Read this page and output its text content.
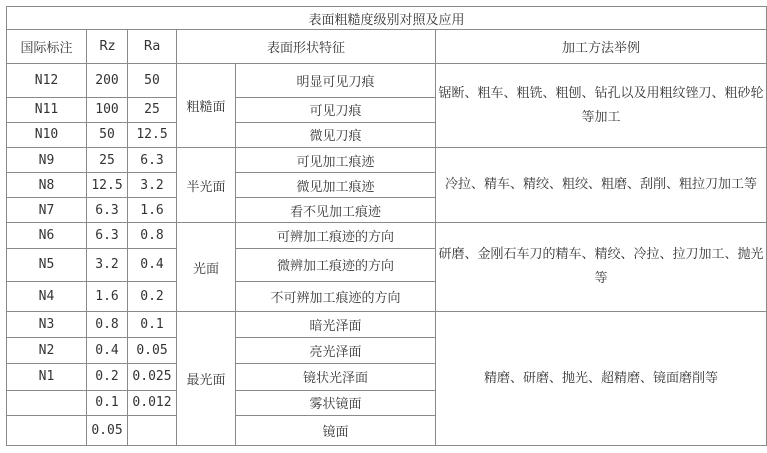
表面粗糙度级别对照及应用					
国际标注	Rz	Ra	表面形状特征		加工方法举例
N12	200	50	粗糙面	明显可见刀痕	锯断、粗车、粗铣、粗刨、钻孔以及用粗纹锉刀、粗砂轮等加工
N11	100	25		可见刀痕	
N10	50	12.5		微见刀痕	
N9	25	6.3	半光面	可见加工痕迹	冷拉、精车、精绞、粗绞、粗磨、刮削、粗拉刀加工等
N8	12.5	3.2		微见加工痕迹	
N7	6.3	1.6		看不见加工痕迹	
N6	6.3	0.8	光面	可辨加工痕迹的方向	研磨、金刚石车刀的精车、精绞、冷拉、拉刀加工、抛光等
N5	3.2	0.4		微辨加工痕迹的方向	
N4	1.6	0.2		不可辨加工痕迹的方向	
N3	0.8	0.1	最光面	暗光泽面	精磨、研磨、抛光、超精磨、镜面磨削等
N2	0.4	0.05		亮光泽面	
N1	0.2	0.025		镜状光泽面	
	0.1	0.012		雾状镜面	
	0.05			镜面	
